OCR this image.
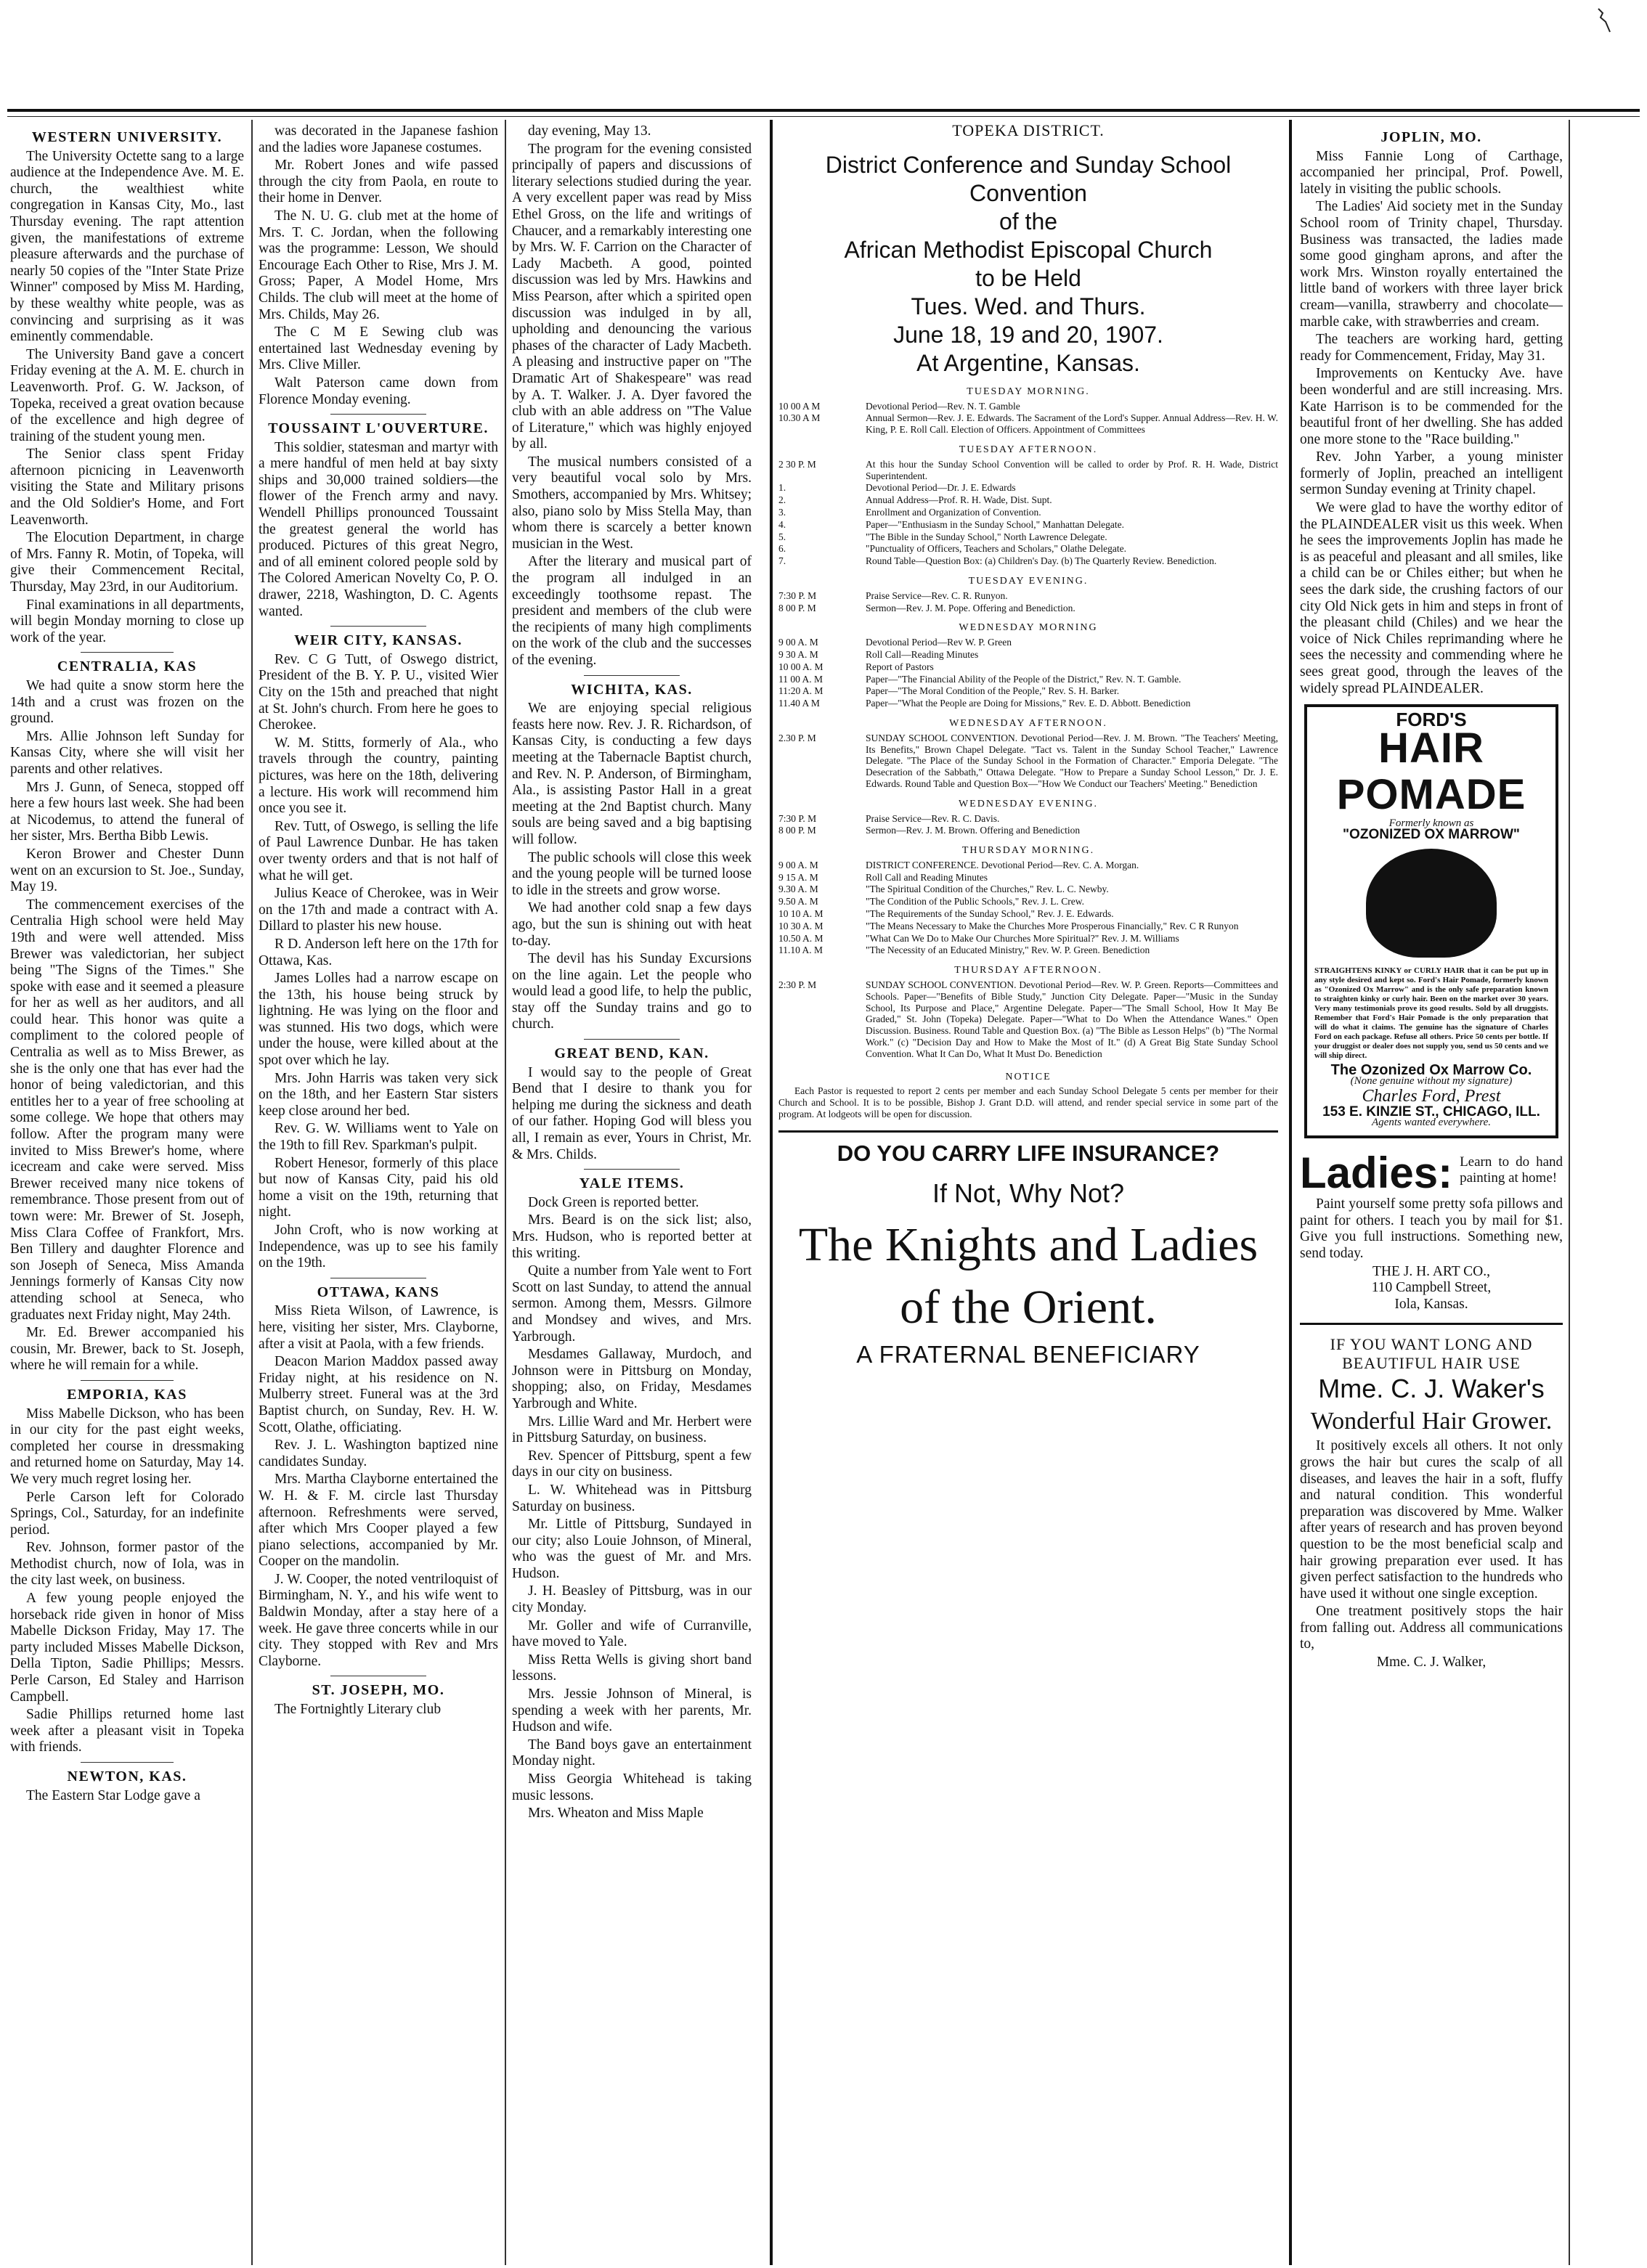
WESTERN UNIVERSITY.

The University Octette sang to a large audience at the Independence Ave. M. E. church, the wealthiest white congregation in Kansas City, Mo., last Thursday evening. The rapt attention given, the manifestations of extreme pleasure afterwards and the purchase of nearly 50 copies of the "Inter State Prize Winner" composed by Miss M. Harding, by these wealthy white people, was as convincing and surprising as it was eminently commendable.

The University Band gave a concert Friday evening at the A. M. E. church in Leavenworth. Prof. G. W. Jackson, of Topeka, received a great ovation because of the excellence and high degree of training of the student young men.

The Senior class spent Friday afternoon picnicing in Leavenworth visiting the State and Military prisons and the Old Soldier's Home, and Fort Leavenworth.

The Elocution Department, in charge of Mrs. Fanny R. Motin, of Topeka, will give their Commencement Recital, Thursday, May 23rd, in our Auditorium.

Final examinations in all departments, will begin Monday morning to close up work of the year.

CENTRALIA, KAS

We had quite a snow storm here the 14th and a crust was frozen on the ground.

Mrs. Allie Johnson left Sunday for Kansas City, where she will visit her parents and other relatives.

Mrs J. Gunn, of Seneca, stopped off here a few hours last week. She had been at Nicodemus, to attend the funeral of her sister, Mrs. Bertha Bibb Lewis.

Keron Brower and Chester Dunn went on an excursion to St. Joe., Sunday, May 19.

The commencement exercises of the Centralia High school were held May 19th and were well attended. Miss Brewer was valedictorian, her subject being "The Signs of the Times." She spoke with ease and it seemed a pleasure for her as well as her auditors, and all could hear. This honor was quite a compliment to the colored people of Centralia as well as to Miss Brewer, as she is the only one that has ever had the honor of being valedictorian, and this entitles her to a year of free schooling at some college. We hope that others may follow. After the program many were invited to Miss Brewer's home, where icecream and cake were served. Miss Brewer received many nice tokens of remembrance. Those present from out of town were: Mr. Brewer of St. Joseph, Miss Clara Coffee of Frankfort, Mrs. Ben Tillery and daughter Florence and son Joseph of Seneca, Miss Amanda Jennings formerly of Kansas City now attending school at Seneca, who graduates next Friday night, May 24th.

Mr. Ed. Brewer accompanied his cousin, Mr. Brewer, back to St. Joseph, where he will remain for a while.

EMPORIA, KAS

Miss Mabelle Dickson, who has been in our city for the past eight weeks, completed her course in dressmaking and returned home on Saturday, May 14. We very much regret losing her.

Perle Carson left for Colorado Springs, Col., Saturday, for an indefinite period.

Rev. Johnson, former pastor of the Methodist church, now of Iola, was in the city last week, on business.

A few young people enjoyed the horseback ride given in honor of Miss Mabelle Dickson Friday, May 17. The party included Misses Mabelle Dickson, Della Tipton, Sadie Phillips; Messrs. Perle Carson, Ed Staley and Harrison Campbell.

Sadie Phillips returned home last week after a pleasant visit in Topeka with friends.

NEWTON, KAS.

The Eastern Star Lodge gave a

was decorated in the Japanese fashion and the ladies wore Japanese costumes.

Mr. Robert Jones and wife passed through the city from Paola, en route to their home in Denver.

The N. U. G. club met at the home of Mrs. T. C. Jordan, when the following was the programme: Lesson, We should Encourage Each Other to Rise, Mrs J. M. Gross; Paper, A Model Home, Mrs Childs. The club will meet at the home of Mrs. Childs, May 26.

The C M E Sewing club was entertained last Wednesday evening by Mrs. Clive Miller.

Walt Paterson came down from Florence Monday evening.

TOUSSAINT L'OUVERTURE.

This soldier, statesman and martyr with a mere handful of men held at bay sixty ships and 30,000 trained soldiers—the flower of the French army and navy. Wendell Phillips pronounced Toussaint the greatest general the world has produced. Pictures of this great Negro, and of all eminent colored people sold by The Colored American Novelty Co, P. O. drawer, 2218, Washington, D. C. Agents wanted.

WEIR CITY, KANSAS.

Rev. C G Tutt, of Oswego district, President of the B. Y. P. U., visited Wier City on the 15th and preached that night at St. John's church. From here he goes to Cherokee.

W. M. Stitts, formerly of Ala., who travels through the country, painting pictures, was here on the 18th, delivering a lecture. His work will recommend him once you see it.

Rev. Tutt, of Oswego, is selling the life of Paul Lawrence Dunbar. He has taken over twenty orders and that is not half of what he will get.

Julius Keace of Cherokee, was in Weir on the 17th and made a contract with A. Dillard to plaster his new house.

R D. Anderson left here on the 17th for Ottawa, Kas.

James Lolles had a narrow escape on the 13th, his house being struck by lightning. He was lying on the floor and was stunned. His two dogs, which were under the house, were killed about at the spot over which he lay.

Mrs. John Harris was taken very sick on the 18th, and her Eastern Star sisters keep close around her bed.

Rev. G. W. Williams went to Yale on the 19th to fill Rev. Sparkman's pulpit.

Robert Henesor, formerly of this place but now of Kansas City, paid his old home a visit on the 19th, returning that night.

John Croft, who is now working at Independence, was up to see his family on the 19th.

OTTAWA, KANS

Miss Rieta Wilson, of Lawrence, is here, visiting her sister, Mrs. Clayborne, after a visit at Paola, with a few friends.

Deacon Marion Maddox passed away Friday night, at his residence on N. Mulberry street. Funeral was at the 3rd Baptist church, on Sunday, Rev. H. W. Scott, Olathe, officiating.

Rev. J. L. Washington baptized nine candidates Sunday.

Mrs. Martha Clayborne entertained the W. H. & F. M. circle last Thursday afternoon. Refreshments were served, after which Mrs Cooper played a few piano selections, accompanied by Mr. Cooper on the mandolin.

J. W. Cooper, the noted ventriloquist of Birmingham, N. Y., and his wife went to Baldwin Monday, after a stay here of a week. He gave three concerts while in our city. They stopped with Rev and Mrs Clayborne.

ST. JOSEPH, MO.

The Fortnightly Literary club

day evening, May 13.

The program for the evening consisted principally of papers and discussions of literary selections studied during the year. A very excellent paper was read by Miss Ethel Gross, on the life and writings of Chaucer, and a remarkably interesting one by Mrs. W. F. Carrion on the Character of Lady Macbeth. A good, pointed discussion was led by Mrs. Hawkins and Miss Pearson, after which a spirited open discussion was indulged in by all, upholding and denouncing the various phases of the character of Lady Macbeth. A pleasing and instructive paper on "The Dramatic Art of Shakespeare" was read by A. T. Walker. J. A. Dyer favored the club with an able address on "The Value of Literature," which was highly enjoyed by all.

The musical numbers consisted of a very beautiful vocal solo by Mrs. Smothers, accompanied by Mrs. Whitsey; also, piano solo by Miss Stella May, than whom there is scarcely a better known musician in the West.

After the literary and musical part of the program all indulged in an exceedingly toothsome repast. The president and members of the club were the recipients of many high compliments on the work of the club and the successes of the evening.

WICHITA, KAS.

We are enjoying special religious feasts here now. Rev. J. R. Richardson, of Kansas City, is conducting a few days meeting at the Tabernacle Baptist church, and Rev. N. P. Anderson, of Birmingham, Ala., is assisting Pastor Hall in a great meeting at the 2nd Baptist church. Many souls are being saved and a big baptising will follow.

The public schools will close this week and the young people will be turned loose to idle in the streets and grow worse.

We had another cold snap a few days ago, but the sun is shining out with heat to-day.

The devil has his Sunday Excursions on the line again. Let the people who would lead a good life, to help the public, stay off the Sunday trains and go to church.

GREAT BEND, KAN.

I would say to the people of Great Bend that I desire to thank you for helping me during the sickness and death of our father. Hoping God will bless you all, I remain as ever, Yours in Christ, Mr. & Mrs. Childs.

YALE ITEMS.

Dock Green is reported better.

Mrs. Beard is on the sick list; also, Mrs. Hudson, who is reported better at this writing.

Quite a number from Yale went to Fort Scott on last Sunday, to attend the annual sermon. Among them, Messrs. Gilmore and Mondsey and wives, and Mrs. Yarbrough.

Mesdames Gallaway, Murdoch, and Johnson were in Pittsburg on Monday, shopping; also, on Friday, Mesdames Yarbrough and White.

Mrs. Lillie Ward and Mr. Herbert were in Pittsburg Saturday, on business.

Rev. Spencer of Pittsburg, spent a few days in our city on business.

L. W. Whitehead was in Pittsburg Saturday on business.

Mr. Little of Pittsburg, Sundayed in our city; also Louie Johnson, of Mineral, who was the guest of Mr. and Mrs. Hudson.

J. H. Beasley of Pittsburg, was in our city Monday.

Mr. Goller and wife of Curranville, have moved to Yale.

Miss Retta Wells is giving short band lessons.

Mrs. Jessie Johnson of Mineral, is spending a week with her parents, Mr. Hudson and wife.

The Band boys gave an entertainment Monday night.

Miss Georgia Whitehead is taking music lessons.

Mrs. Wheaton and Miss Maple

TOPEKA DISTRICT.
District Conference and Sunday School Convention
of the
African Methodist Episcopal Church
to be Held
Tues. Wed. and Thurs.
June 18, 19 and 20, 1907.
At Argentine, Kansas.
TUESDAY MORNING.
10 00 A M	Devotional Period—Rev. N. T. Gamble
10.30 A M	Annual Sermon—Rev. J. E. Edwards. The Sacrament of the Lord's Supper. Annual Address—Rev. H. W. King, P. E. Roll Call. Election of Officers. Appointment of Committees
TUESDAY AFTERNOON.
2 30 P. M	At this hour the Sunday School Convention will be called to order by Prof. R. H. Wade, District Superintendent.
1.	Devotional Period—Dr. J. E. Edwards
2.	Annual Address—Prof. R. H. Wade, Dist. Supt.
3.	Enrollment and Organization of Convention.
4.	Paper—"Enthusiasm in the Sunday School," Manhattan Delegate.
5.	"The Bible in the Sunday School," North Lawrence Delegate.
6.	"Punctuality of Officers, Teachers and Scholars," Olathe Delegate.
7.	Round Table—Question Box: (a) Children's Day. (b) The Quarterly Review. Benediction.
TUESDAY EVENING.
7:30 P. M	Praise Service—Rev. C. R. Runyon.
8 00 P. M	Sermon—Rev. J. M. Pope. Offering and Benediction.
WEDNESDAY MORNING
9 00 A. M	Devotional Period—Rev W. P. Green
9 30 A. M	Roll Call—Reading Minutes
10 00 A. M	Report of Pastors
11 00 A. M	Paper—"The Financial Ability of the People of the District," Rev. N. T. Gamble.
11:20 A. M	Paper—"The Moral Condition of the People," Rev. S. H. Barker.
11.40 A M	Paper—"What the People are Doing for Missions," Rev. E. D. Abbott. Benediction
WEDNESDAY AFTERNOON.
2.30 P. M	SUNDAY SCHOOL CONVENTION. Devotional Period—Rev. J. M. Brown. "The Teachers' Meeting, Its Benefits," Brown Chapel Delegate. "Tact vs. Talent in the Sunday School Teacher," Lawrence Delegate. "The Place of the Sunday School in the Formation of Character." Emporia Delegate. "The Desecration of the Sabbath," Ottawa Delegate. "How to Prepare a Sunday School Lesson," Dr. J. E. Edwards. Round Table and Question Box—"How We Conduct our Teachers' Meeting." Benediction
WEDNESDAY EVENING.
7:30 P. M	Praise Service—Rev. R. C. Davis.
8 00 P. M	Sermon—Rev. J. M. Brown. Offering and Benediction
THURSDAY MORNING.
9 00 A. M	DISTRICT CONFERENCE. Devotional Period—Rev. C. A. Morgan.
9 15 A. M	Roll Call and Reading Minutes
9.30 A. M	"The Spiritual Condition of the Churches," Rev. L. C. Newby.
9.50 A. M	"The Condition of the Public Schools," Rev. J. L. Crew.
10 10 A. M	"The Requirements of the Sunday School," Rev. J. E. Edwards.
10 30 A. M	"The Means Necessary to Make the Churches More Prosperous Financially," Rev. C R Runyon
10.50 A. M	"What Can We Do to Make Our Churches More Spiritual?" Rev. J. M. Williams
11.10 A. M	"The Necessity of an Educated Ministry," Rev. W. P. Green. Benediction
THURSDAY AFTERNOON.
2:30 P. M	SUNDAY SCHOOL CONVENTION. Devotional Period—Rev. W. P. Green. Reports—Committees and Schools. Paper—"Benefits of Bible Study," Junction City Delegate. Paper—"Music in the Sunday School, Its Purpose and Place," Argentine Delegate. Paper—"The Small School, How It May Be Graded," St. John (Topeka) Delegate. Paper—"What to Do When the Attendance Wanes." Open Discussion. Business. Round Table and Question Box. (a) "The Bible as Lesson Helps" (b) "The Normal Work." (c) "Decision Day and How to Make the Most of It." (d) A Great Big State Sunday School Convention. What It Can Do, What It Must Do. Benediction
NOTICE

Each Pastor is requested to report 2 cents per member and each Sunday School Delegate 5 cents per member for their Church and School. It is to be possible, Bishop J. Grant D.D. will attend, and render special service in some part of the program. At lodgeots will be open for discussion.

DO YOU CARRY LIFE INSURANCE?
If Not, Why Not?
The Knights and Ladies
of the Orient.
A FRATERNAL BENEFICIARY
JOPLIN, MO.

Miss Fannie Long of Carthage, accompanied her principal, Prof. Powell, lately in visiting the public schools.

The Ladies' Aid society met in the Sunday School room of Trinity chapel, Thursday. Business was transacted, the ladies made some good gingham aprons, and after the work Mrs. Winston royally entertained the little band of workers with three layer brick cream—vanilla, strawberry and chocolate—marble cake, with strawberries and cream.

The teachers are working hard, getting ready for Commencement, Friday, May 31.

Improvements on Kentucky Ave. have been wonderful and are still increasing. Mrs. Kate Harrison is to be commended for the beautiful front of her dwelling. She has added one more stone to the "Race building."

Rev. John Yarber, a young minister formerly of Joplin, preached an intelligent sermon Sunday evening at Trinity chapel.

We were glad to have the worthy editor of the PLAINDEALER visit us this week. When he sees the improvements Joplin has made he is as peaceful and pleasant and all smiles, like a child can be or Chiles either; but when he sees the dark side, the crushing factors of our city Old Nick gets in him and steps in front of the pleasant child (Chiles) and we hear the voice of Nick Chiles reprimanding where he sees the necessity and commending where he sees great good, through the leaves of the widely spread PLAINDEALER.

FORD'S
HAIR POMADE
Formerly known as
"OZONIZED OX MARROW"
STRAIGHTENS KINKY or CURLY HAIR that it can be put up in any style desired and kept so. Ford's Hair Pomade, formerly known as "Ozonized Ox Marrow" and is the only safe preparation known to straighten kinky or curly hair. Been on the market over 30 years. Very many testimonials prove its good results. Sold by all druggists. Remember that Ford's Hair Pomade is the only preparation that will do what it claims. The genuine has the signature of Charles Ford on each package. Refuse all others. Price 50 cents per bottle. If your druggist or dealer does not supply you, send us 50 cents and we will ship direct.
The Ozonized Ox Marrow Co.
(None genuine without my signature)
Charles Ford, Prest
153 E. KINZIE ST., CHICAGO, ILL.
Agents wanted everywhere.
Ladies: Learn to do hand painting at home!

Paint yourself some pretty sofa pillows and paint for others. I teach you by mail for $1. Give you full instructions. Something new, send today.

THE J. H. ART CO.,
110 Campbell Street,
Iola, Kansas.
IF YOU WANT LONG AND BEAUTIFUL HAIR USE
Mme. C. J. Waker's
Wonderful Hair Grower.

It positively excels all others. It not only grows the hair but cures the scalp of all diseases, and leaves the hair in a soft, fluffy and natural condition. This wonderful preparation was discovered by Mme. Walker after years of research and has proven beyond question to be the most beneficial scalp and hair growing preparation ever used. It has given perfect satisfaction to the hundreds who have used it without one single exception.

One treatment positively stops the hair from falling out. Address all communications to,

Mme. C. J. Walker,
